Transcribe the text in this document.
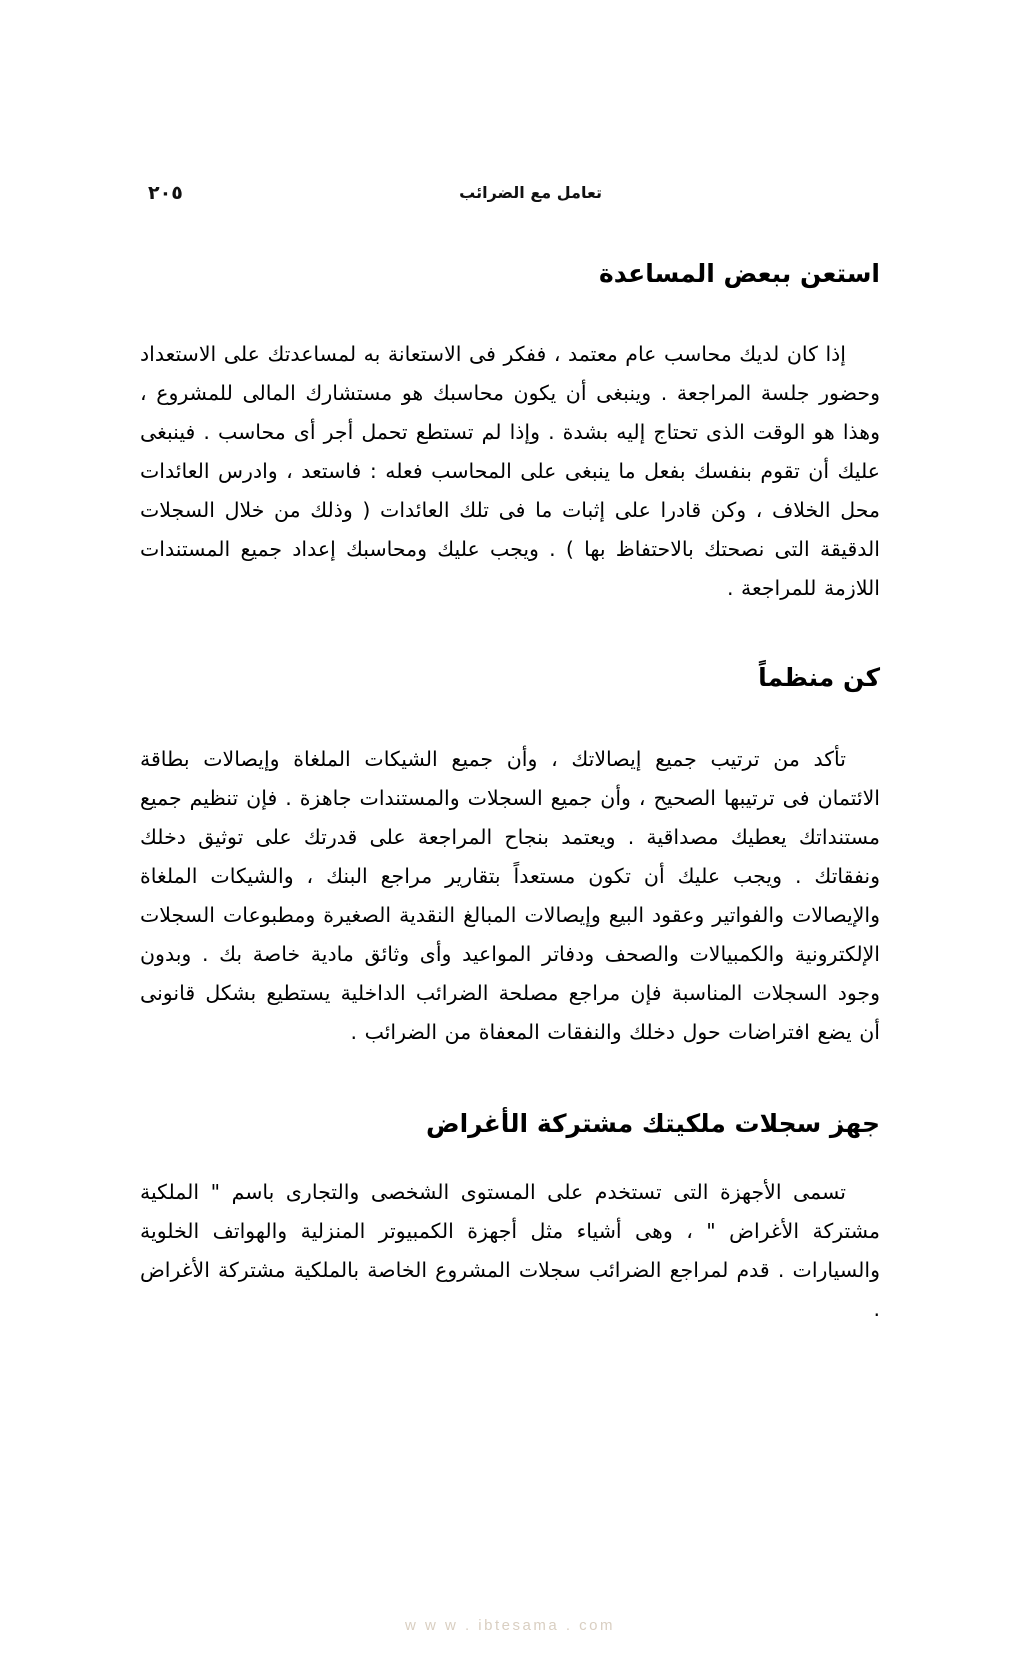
٢٠٥	تعامل مع الضرائب
استعن ببعض المساعدة

إذا كان لديك محاسب عام معتمد ، ففكر فى الاستعانة به لمساعدتك على الاستعداد وحضور جلسة المراجعة . وينبغى أن يكون محاسبك هو مستشارك المالى للمشروع ، وهذا هو الوقت الذى تحتاج إليه بشدة . وإذا لم تستطع تحمل أجر أى محاسب . فينبغى عليك أن تقوم بنفسك بفعل ما ينبغى على المحاسب فعله : فاستعد ، وادرس العائدات محل الخلاف ، وكن قادرا على إثبات ما فى تلك العائدات ( وذلك من خلال السجلات الدقيقة التى نصحتك بالاحتفاظ بها ) . ويجب عليك ومحاسبك إعداد جميع المستندات اللازمة للمراجعة .

كن منظماً

تأكد من ترتيب جميع إيصالاتك ، وأن جميع الشيكات الملغاة وإيصالات بطاقة الائتمان فى ترتيبها الصحيح ، وأن جميع السجلات والمستندات جاهزة . فإن تنظيم جميع مستنداتك يعطيك مصداقية . ويعتمد بنجاح المراجعة على قدرتك على توثيق دخلك ونفقاتك . ويجب عليك أن تكون مستعداً بتقارير مراجع البنك ، والشيكات الملغاة والإيصالات والفواتير وعقود البيع وإيصالات المبالغ النقدية الصغيرة ومطبوعات السجلات الإلكترونية والكمبيالات والصحف ودفاتر المواعيد وأى وثائق مادية خاصة بك . وبدون وجود السجلات المناسبة فإن مراجع مصلحة الضرائب الداخلية يستطيع بشكل قانونى أن يضع افتراضات حول دخلك والنفقات المعفاة من الضرائب .

جهز سجلات ملكيتك مشتركة الأغراض

تسمى الأجهزة التى تستخدم على المستوى الشخصى والتجارى باسم " الملكية مشتركة الأغراض " ، وهى أشياء مثل أجهزة الكمبيوتر المنزلية والهواتف الخلوية والسيارات . قدم لمراجع الضرائب سجلات المشروع الخاصة بالملكية مشتركة الأغراض .

w w w . ibtesama . com
